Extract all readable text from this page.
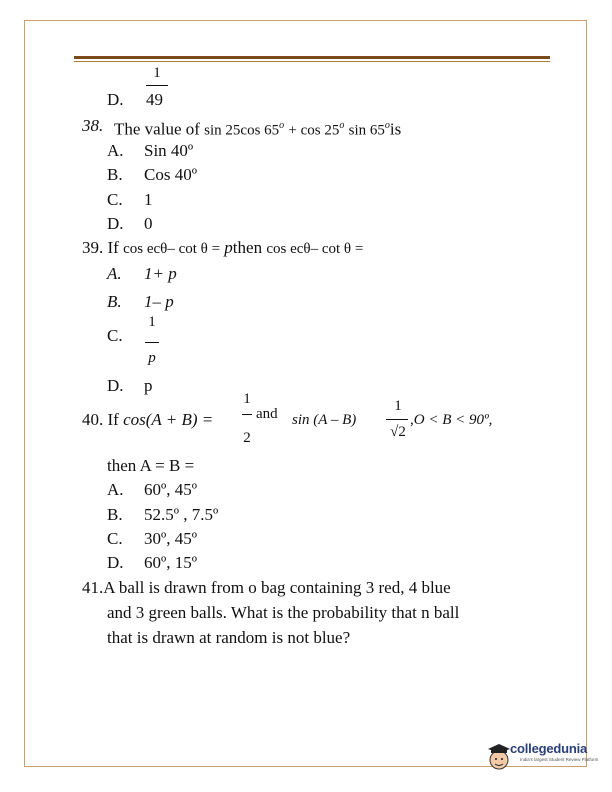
1
D. 49
38. The value of sin 25cos $65^o + \cos 25^o$ sin 65$^o$is
A. Sin 40º
B. Cos 40º
C. 1
D. 0
39. If cos ecθ– cot θ = pthen cos ecθ– cot θ =
A. 1+ p
B. 1– p
1
C.
p
D. p
1
40. If cos(A + B) =
2
and sin (A – B)
1
√2
,O < B < 90º,
then A = B =
A. 60º, 45º
B. 52.5º , 7.5º
C. 30º, 45º
D. 60º, 15º
41.A ball is drawn from o bag containing 3 red, 4 blue
and 3 green balls. What is the probability that n ball
that is drawn at random is not blue?
collegedunia
India's largest Student Review Platform
